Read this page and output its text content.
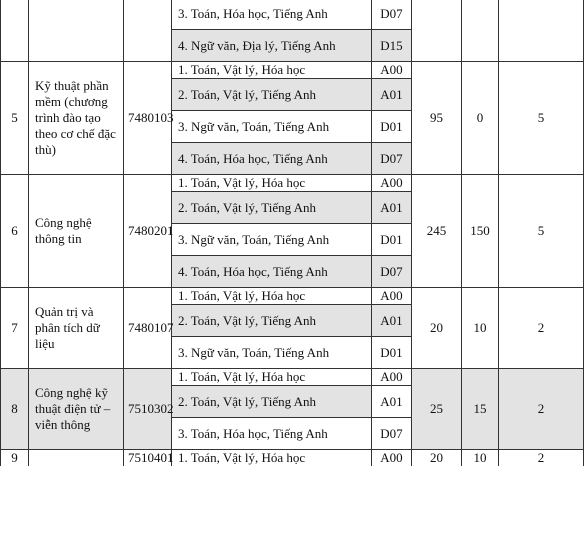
			3. Toán, Hóa học, Tiếng Anh	D07			
			4. Ngữ văn, Địa lý, Tiếng Anh	D15			
5	Kỹ thuật phần mềm (chương trình đào tạo theo cơ chế đặc thù)	7480103	1. Toán, Vật lý, Hóa học	A00	95	0	5
			2. Toán, Vật lý, Tiếng Anh	A01			
			3. Ngữ văn, Toán, Tiếng Anh	D01			
			4. Toán, Hóa học, Tiếng Anh	D07			
6	Công nghệ thông tin	7480201	1. Toán, Vật lý, Hóa học	A00	245	150	5
			2. Toán, Vật lý, Tiếng Anh	A01			
			3. Ngữ văn, Toán, Tiếng Anh	D01			
			4. Toán, Hóa học, Tiếng Anh	D07			
7	Quản trị và phân tích dữ liệu	7480107	1. Toán, Vật lý, Hóa học	A00	20	10	2
			2. Toán, Vật lý, Tiếng Anh	A01			
			3. Ngữ văn, Toán, Tiếng Anh	D01			
8	Công nghệ kỹ thuật điện tử – viễn thông	7510302	1. Toán, Vật lý, Hóa học	A00	25	15	2
			2. Toán, Vật lý, Tiếng Anh	A01			
			3. Toán, Hóa học, Tiếng Anh	D07			
9		7510401	1. Toán, Vật lý, Hóa học	A00	20	10	2
